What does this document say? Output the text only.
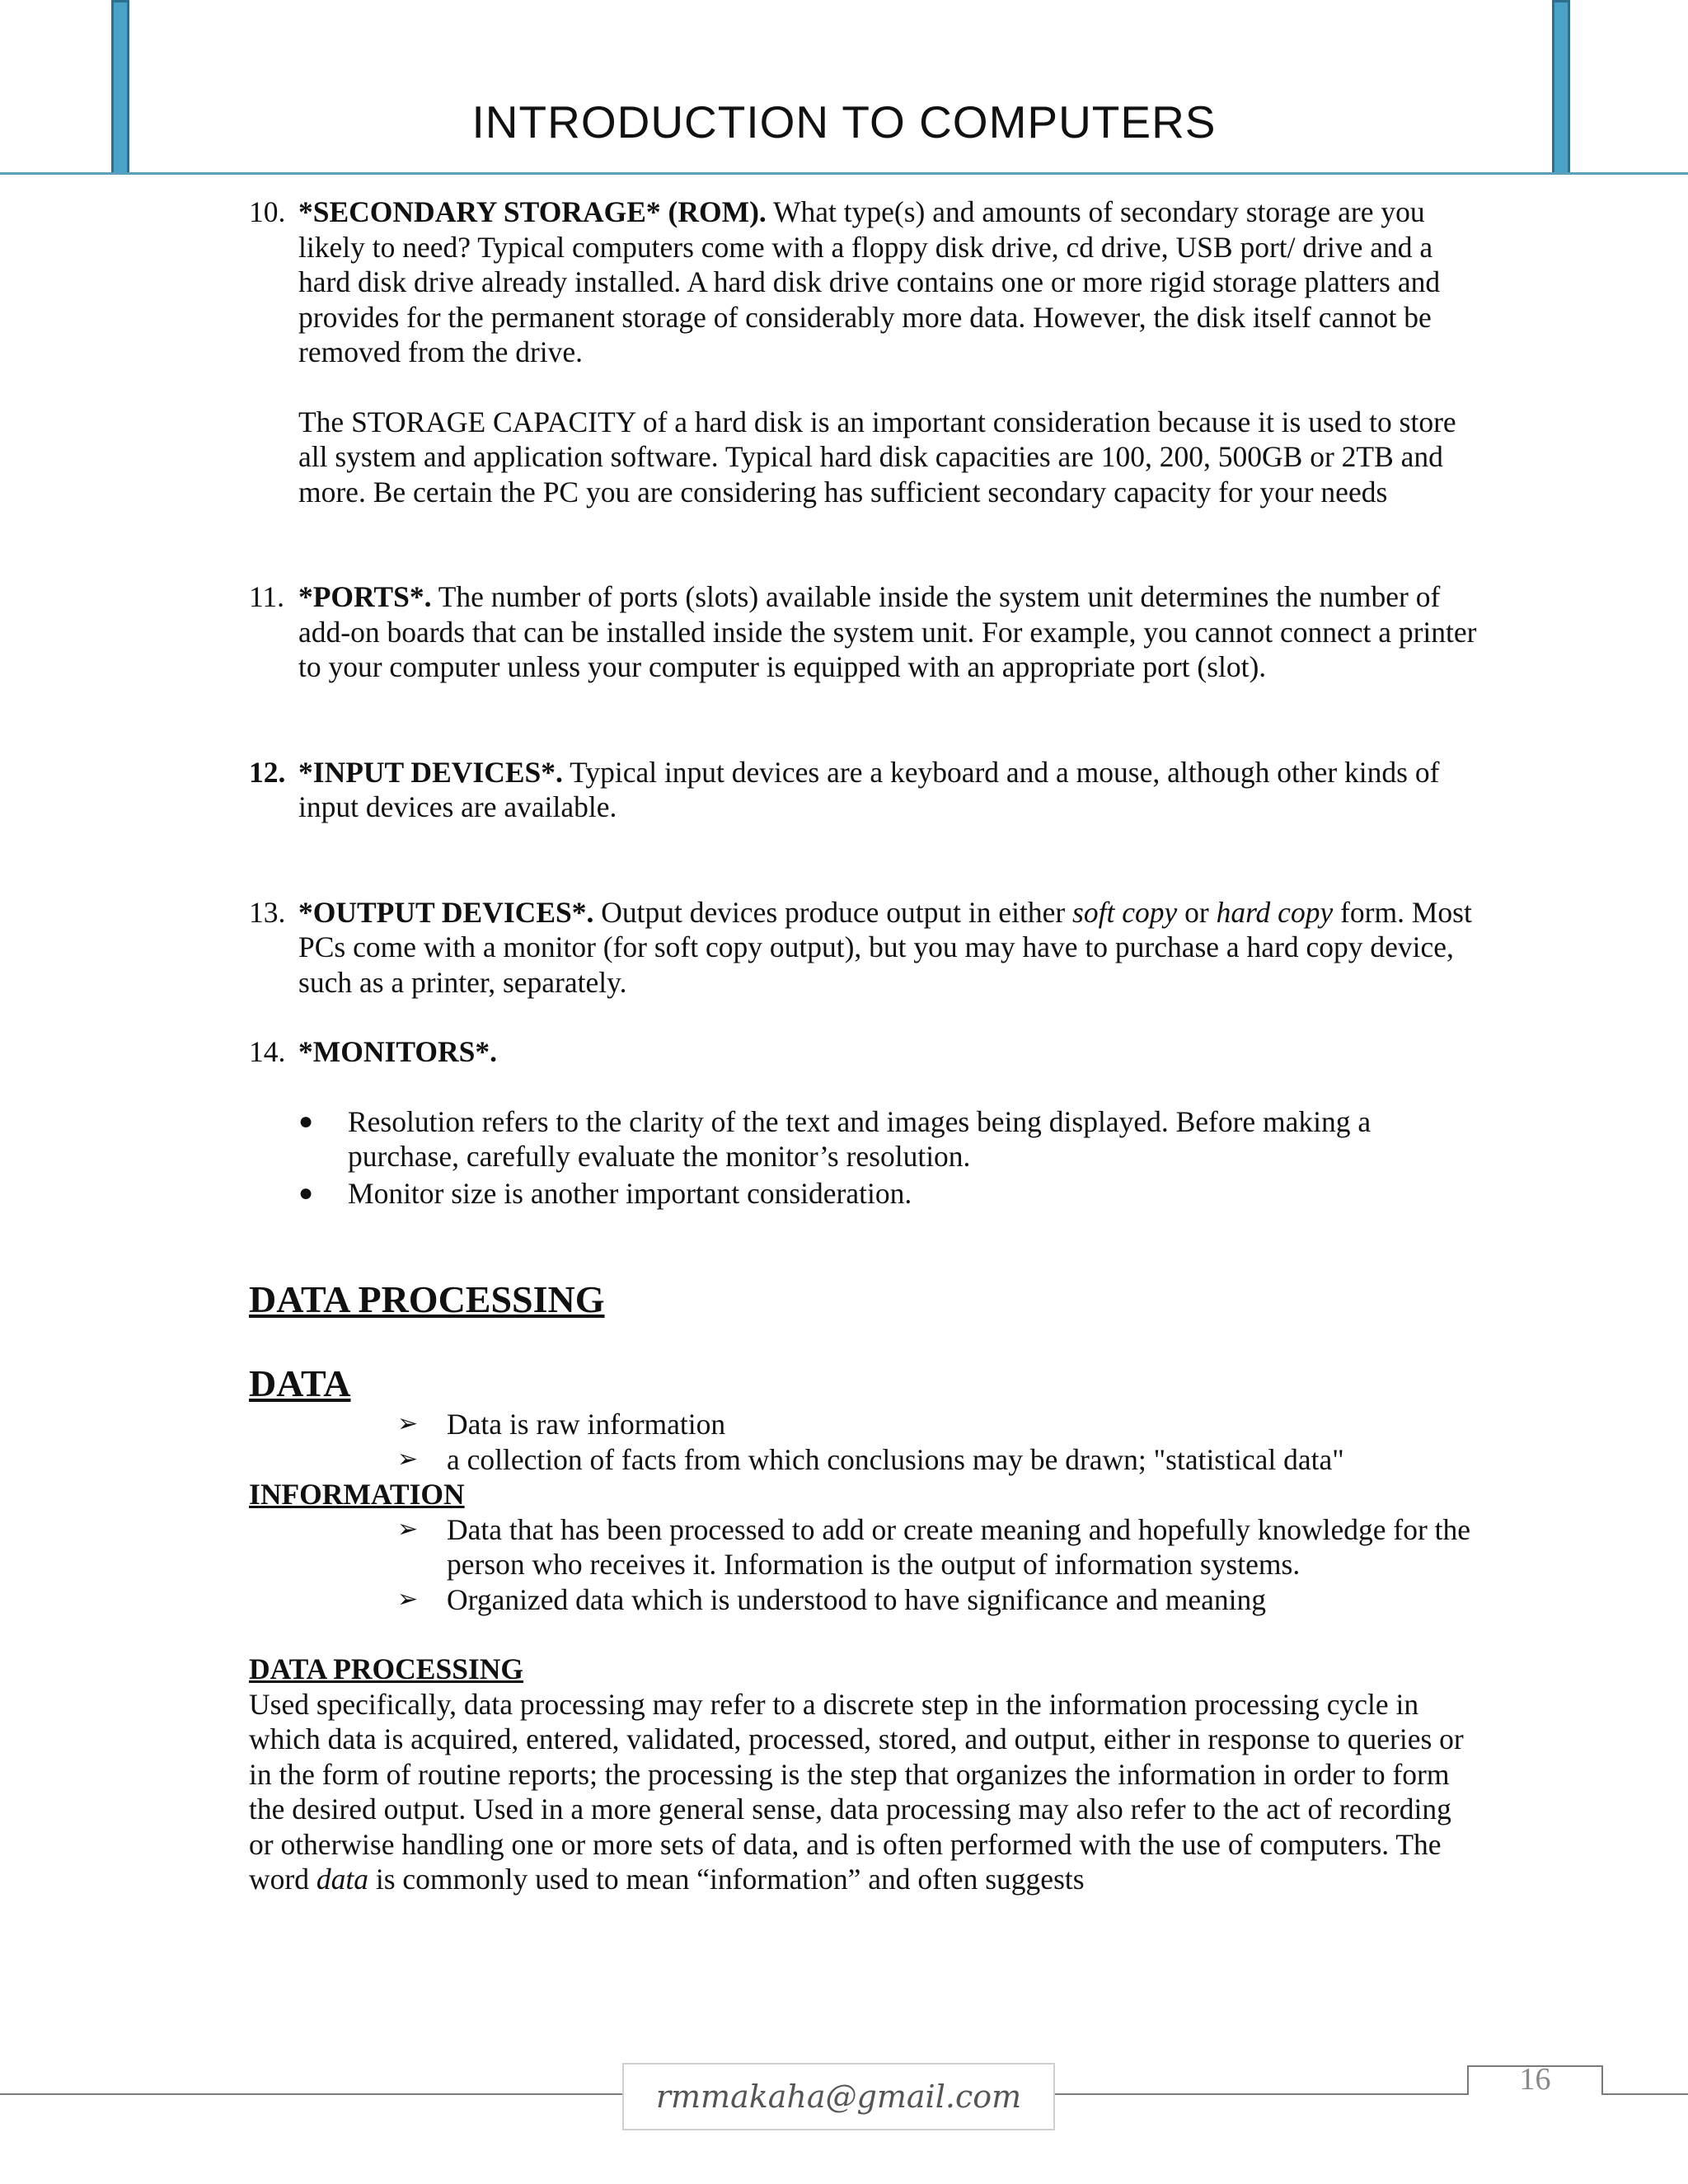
INTRODUCTION TO COMPUTERS
10. *SECONDARY STORAGE* (ROM). What type(s) and amounts of secondary storage are you likely to need? Typical computers come with a floppy disk drive, cd drive, USB port/ drive and a hard disk drive already installed. A hard disk drive contains one or more rigid storage platters and provides for the permanent storage of considerably more data. However, the disk itself cannot be removed from the drive.

The STORAGE CAPACITY of a hard disk is an important consideration because it is used to store all system and application software. Typical hard disk capacities are 100, 200, 500GB or 2TB and more. Be certain the PC you are considering has sufficient secondary capacity for your needs

11. *PORTS*. The number of ports (slots) available inside the system unit determines the number of add-on boards that can be installed inside the system unit. For example, you cannot connect a printer to your computer unless your computer is equipped with an appropriate port (slot).

12. *INPUT DEVICES*. Typical input devices are a keyboard and a mouse, although other kinds of input devices are available.

13. *OUTPUT DEVICES*. Output devices produce output in either soft copy or hard copy form. Most PCs come with a monitor (for soft copy output), but you may have to purchase a hard copy device, such as a printer, separately.

14. *MONITORS*.

● Resolution refers to the clarity of the text and images being displayed. Before making a purchase, carefully evaluate the monitor’s resolution.
● Monitor size is another important consideration.
DATA PROCESSING
DATA
➢ Data is raw information
➢ a collection of facts from which conclusions may be drawn; "statistical data"
INFORMATION
➢ Data that has been processed to add or create meaning and hopefully knowledge for the person who receives it. Information is the output of information systems.
➢ Organized data which is understood to have significance and meaning
DATA PROCESSING

Used specifically, data processing may refer to a discrete step in the information processing cycle in which data is acquired, entered, validated, processed, stored, and output, either in response to queries or in the form of routine reports; the processing is the step that organizes the information in order to form the desired output. Used in a more general sense, data processing may also refer to the act of recording or otherwise handling one or more sets of data, and is often performed with the use of computers. The word data is commonly used to mean “information” and often suggests

rmmakaha@gmail.com	16
